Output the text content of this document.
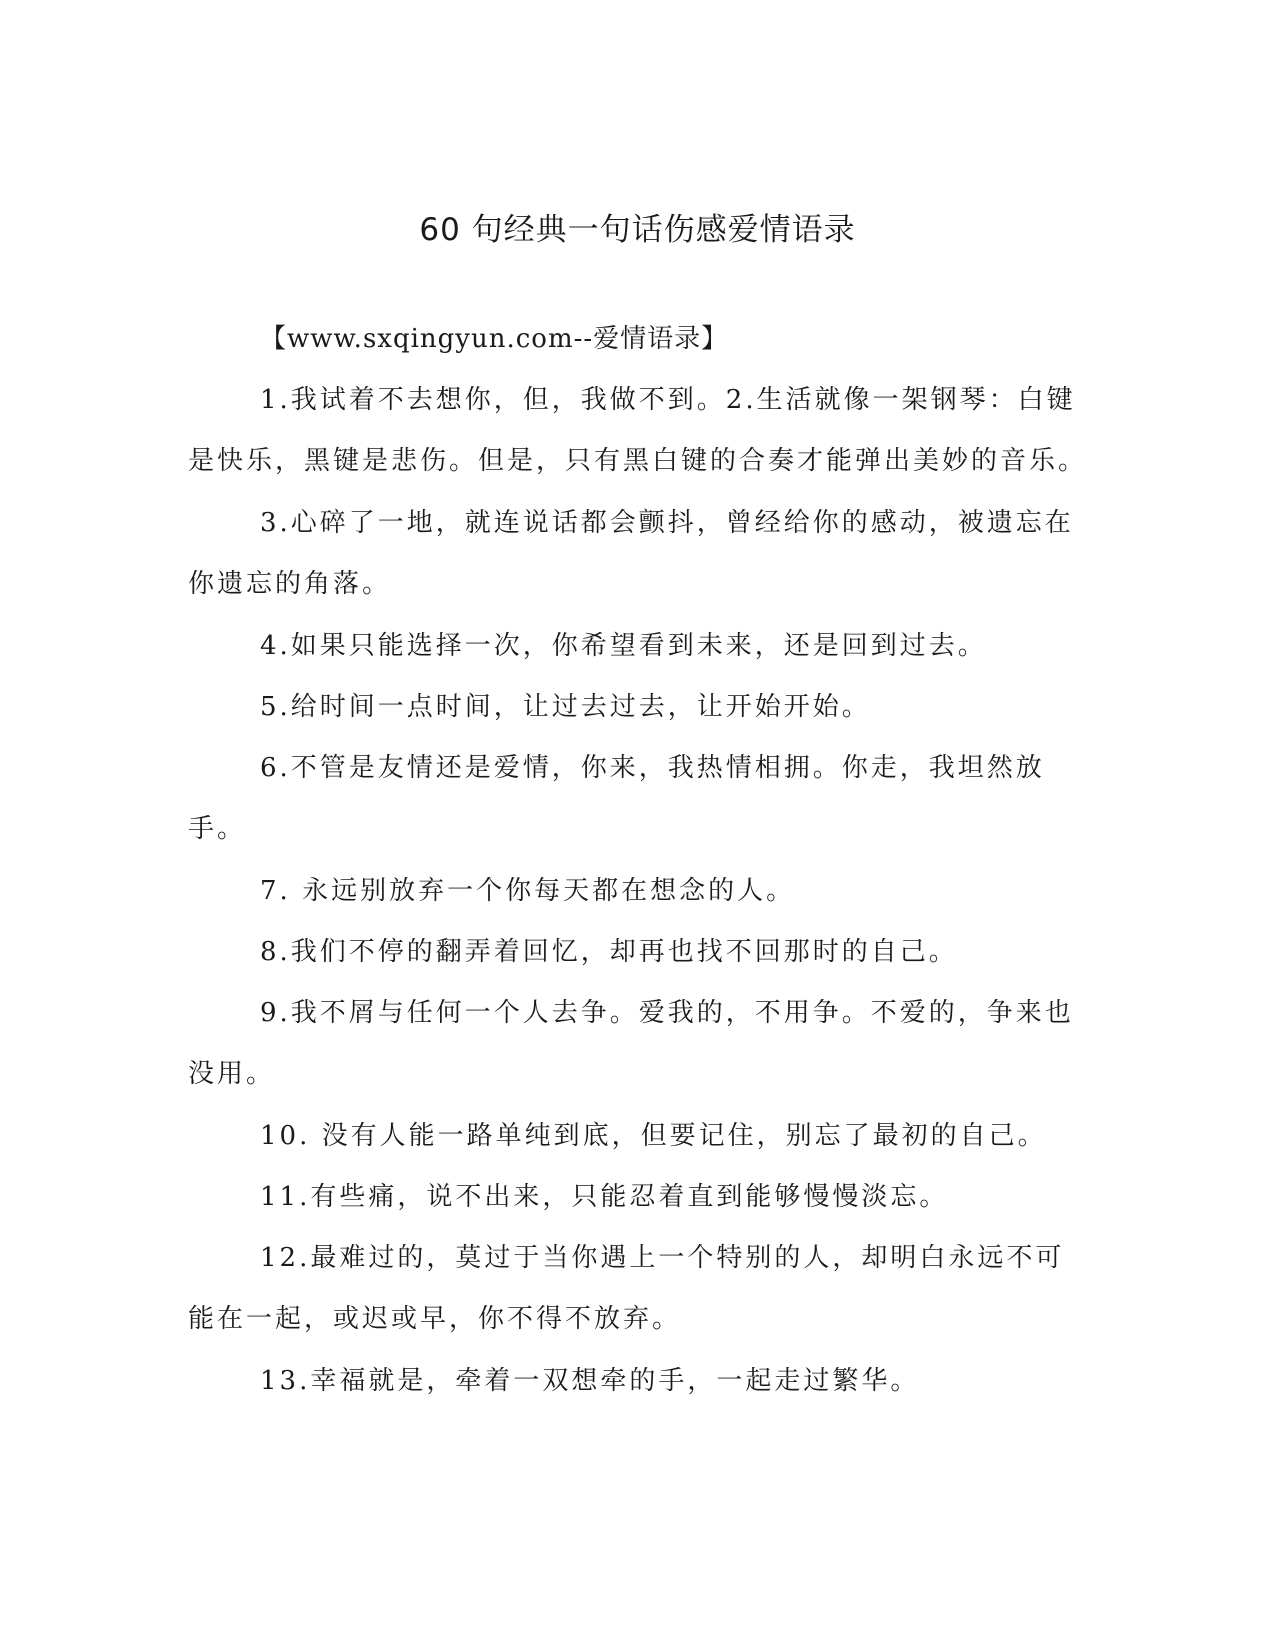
60 句经典一句话伤感爱情语录

【www.sxqingyun.com--爱情语录】

1.我试着不去想你，但，我做不到。2.生活就像一架钢琴：白键是快乐，黑键是悲伤。但是，只有黑白键的合奏才能弹出美妙的音乐。

3.心碎了一地，就连说话都会颤抖，曾经给你的感动，被遗忘在你遗忘的角落。

4.如果只能选择一次，你希望看到未来，还是回到过去。

5.给时间一点时间，让过去过去，让开始开始。

6.不管是友情还是爱情，你来，我热情相拥。你走，我坦然放手。

7. 永远别放弃一个你每天都在想念的人。

8.我们不停的翻弄着回忆，却再也找不回那时的自己。

9.我不屑与任何一个人去争。爱我的，不用争。不爱的，争来也没用。

10. 没有人能一路单纯到底，但要记住，别忘了最初的自己。

11.有些痛，说不出来，只能忍着直到能够慢慢淡忘。

12.最难过的，莫过于当你遇上一个特别的人，却明白永远不可能在一起，或迟或早，你不得不放弃。

13.幸福就是，牵着一双想牵的手，一起走过繁华。
